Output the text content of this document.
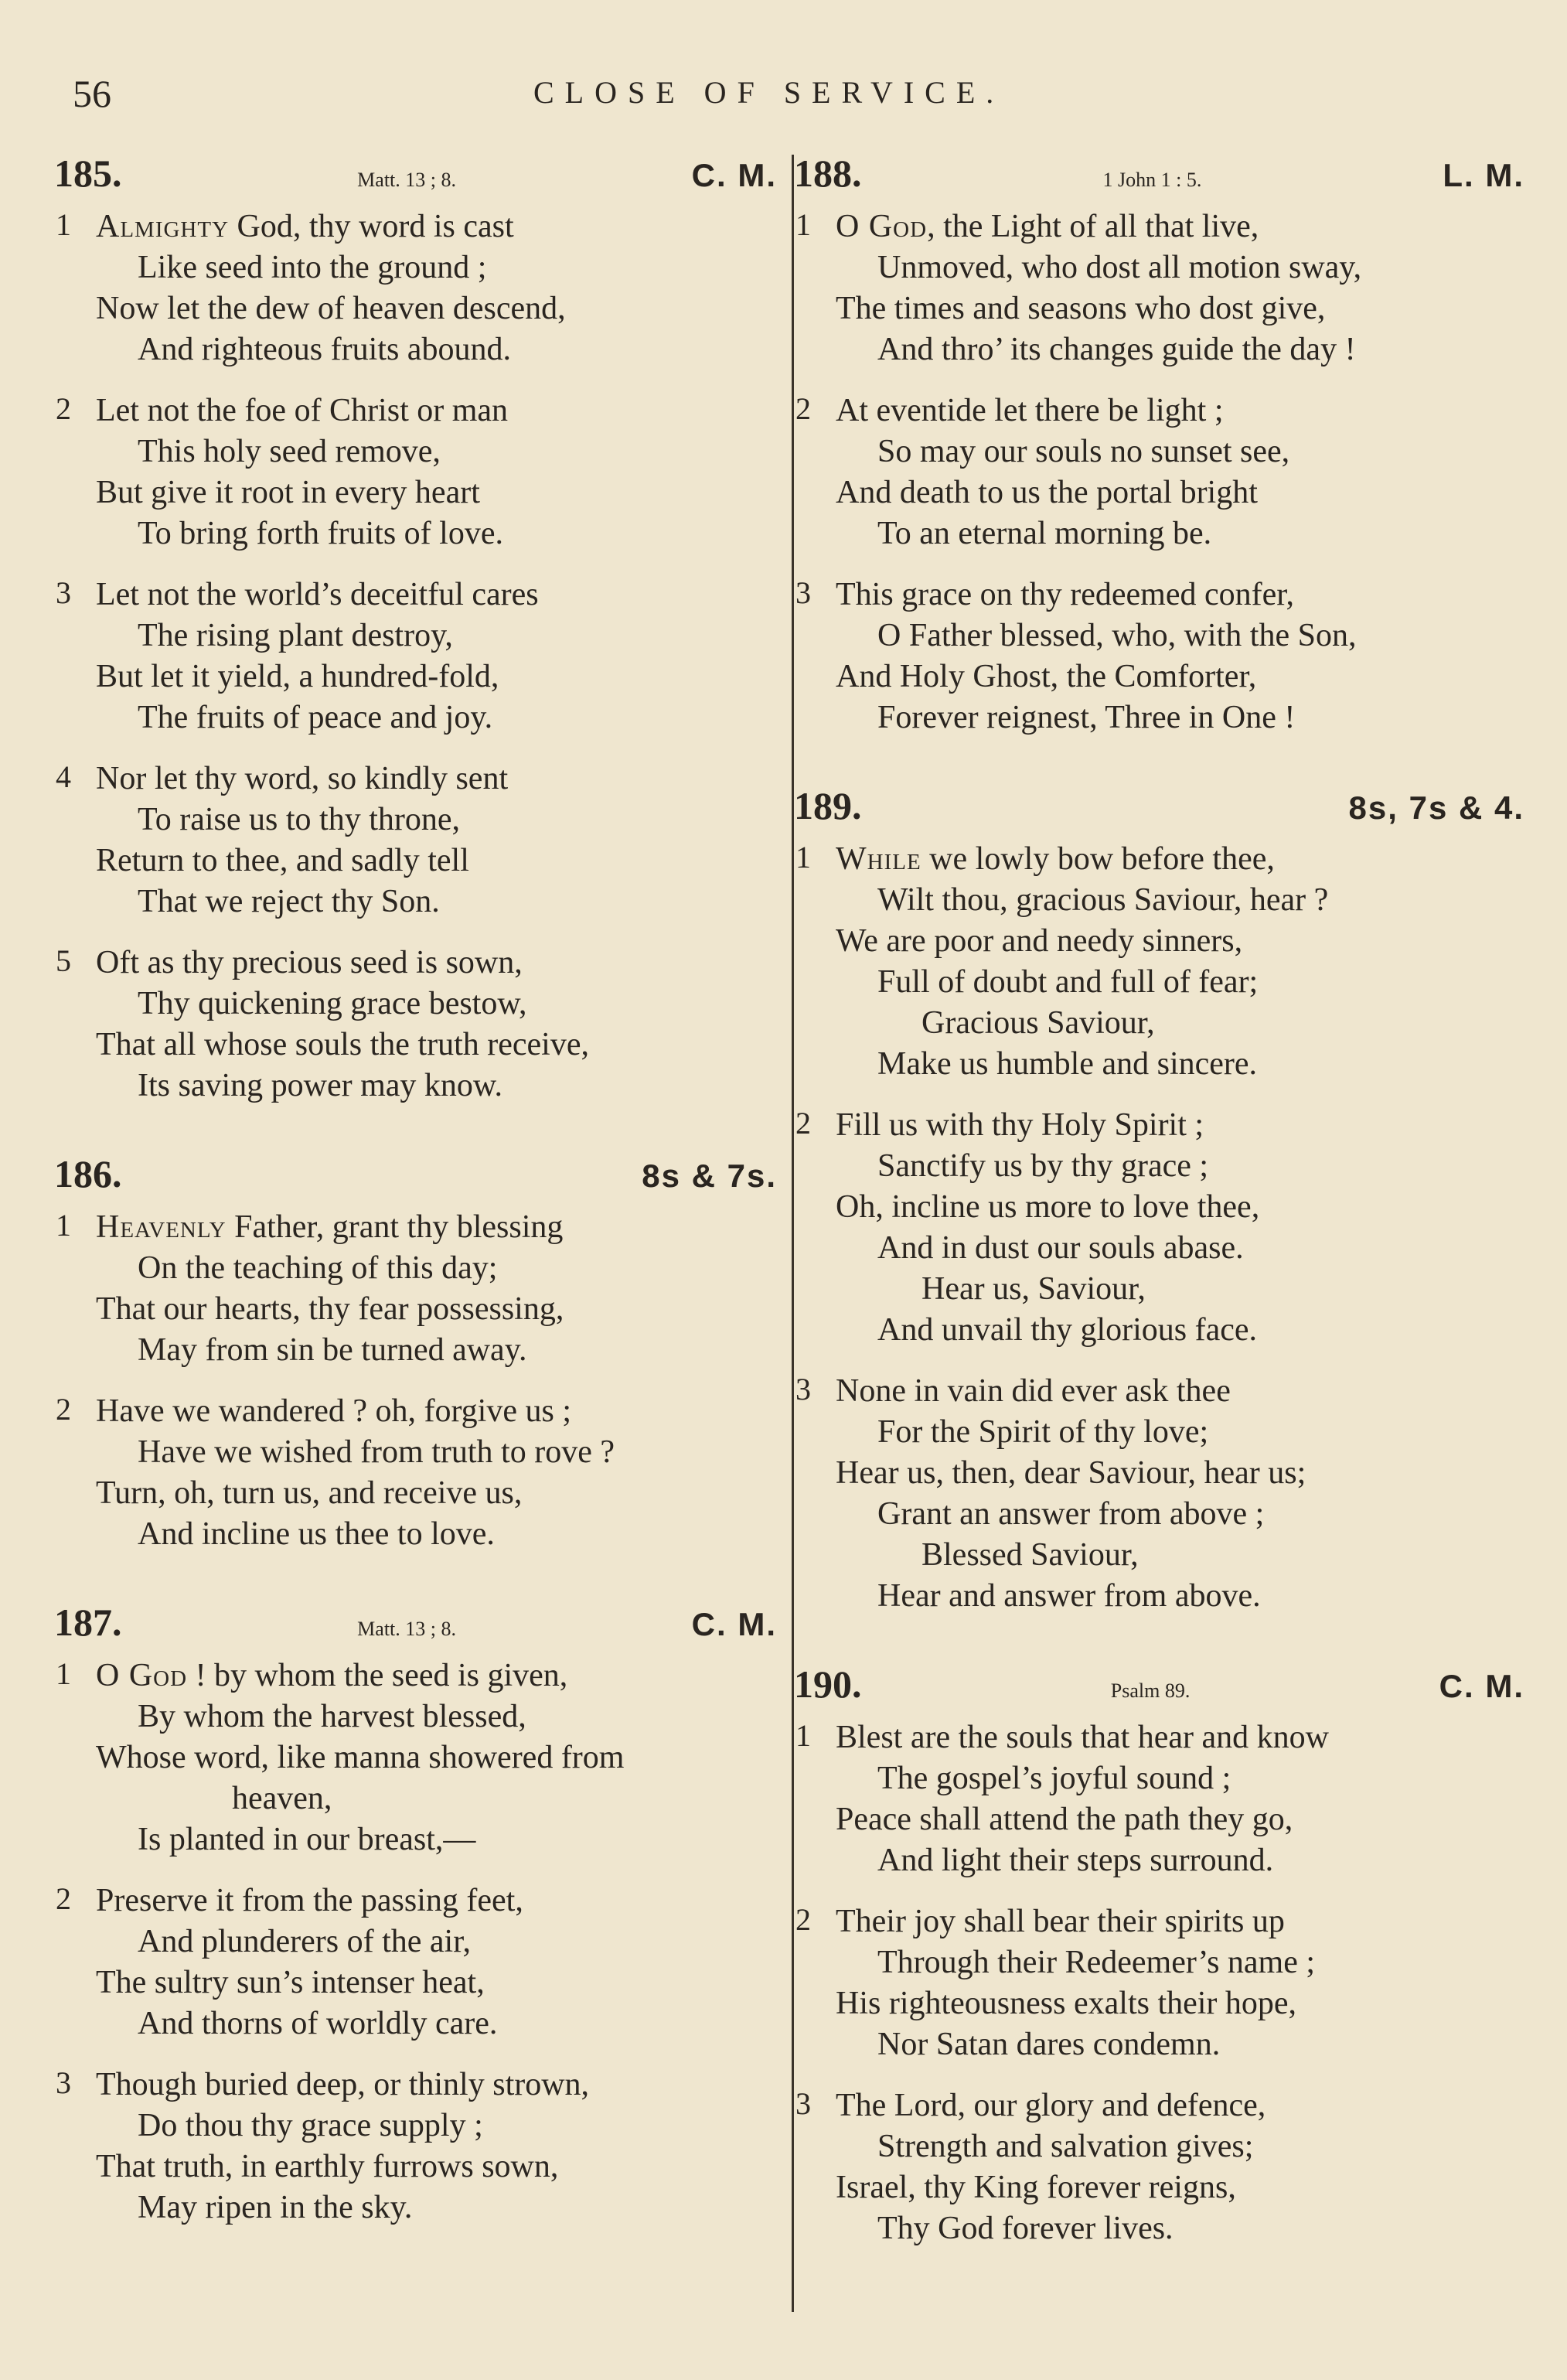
56	CLOSE OF SERVICE.
185.	Matt. 13 ; 8.	C. M.
1 Almighty God, thy word is cast
Like seed into the ground ;
Now let the dew of heaven descend,
And righteous fruits abound.
2 Let not the foe of Christ or man
This holy seed remove,
But give it root in every heart
To bring forth fruits of love.
3 Let not the world’s deceitful cares
The rising plant destroy,
But let it yield, a hundred-fold,
The fruits of peace and joy.
4 Nor let thy word, so kindly sent
To raise us to thy throne,
Return to thee, and sadly tell
That we reject thy Son.
5 Oft as thy precious seed is sown,
Thy quickening grace bestow,
That all whose souls the truth receive,
Its saving power may know.
186.	8s & 7s.
1 Heavenly Father, grant thy blessing
On the teaching of this day;
That our hearts, thy fear possessing,
May from sin be turned away.
2 Have we wandered ? oh, forgive us ;
Have we wished from truth to rove ?
Turn, oh, turn us, and receive us,
And incline us thee to love.
187.	Matt. 13 ; 8.	C. M.
1 O God ! by whom the seed is given,
By whom the harvest blessed,
Whose word, like manna showered from
heaven,
Is planted in our breast,—
2 Preserve it from the passing feet,
And plunderers of the air,
The sultry sun’s intenser heat,
And thorns of worldly care.
3 Though buried deep, or thinly strown,
Do thou thy grace supply ;
That truth, in earthly furrows sown,
May ripen in the sky.
188.	1 John 1 : 5.	L. M.
1 O God, the Light of all that live,
Unmoved, who dost all motion sway,
The times and seasons who dost give,
And thro’ its changes guide the day !
2 At eventide let there be light ;
So may our souls no sunset see,
And death to us the portal bright
To an eternal morning be.
3 This grace on thy redeemed confer,
O Father blessed, who, with the Son,
And Holy Ghost, the Comforter,
Forever reignest, Three in One !
189.	8s, 7s & 4.
1 While we lowly bow before thee,
Wilt thou, gracious Saviour, hear ?
We are poor and needy sinners,
Full of doubt and full of fear;
Gracious Saviour,
Make us humble and sincere.
2 Fill us with thy Holy Spirit ;
Sanctify us by thy grace ;
Oh, incline us more to love thee,
And in dust our souls abase.
Hear us, Saviour,
And unvail thy glorious face.
3 None in vain did ever ask thee
For the Spirit of thy love;
Hear us, then, dear Saviour, hear us;
Grant an answer from above ;
Blessed Saviour,
Hear and answer from above.
190.	Psalm 89.	C. M.
1 Blest are the souls that hear and know
The gospel’s joyful sound ;
Peace shall attend the path they go,
And light their steps surround.
2 Their joy shall bear their spirits up
Through their Redeemer’s name ;
His righteousness exalts their hope,
Nor Satan dares condemn.
3 The Lord, our glory and defence,
Strength and salvation gives;
Israel, thy King forever reigns,
Thy God forever lives.
